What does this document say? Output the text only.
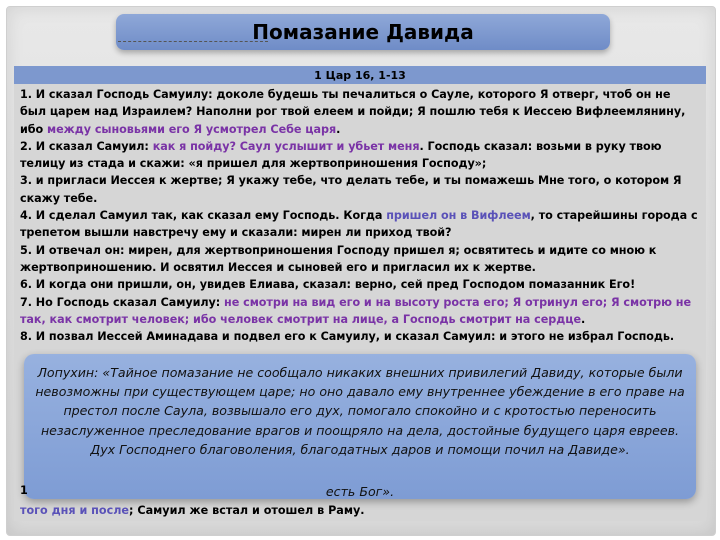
Помазание Давида
1 Цар 16, 1-13

1. И сказал Господь Самуилу: доколе будешь ты печалиться о Сауле, которого Я отверг, чтоб он не был царем над Израилем? Наполни рог твой елеем и пойди; Я пошлю тебя к Иессею Вифлеемлянину, ибо между сыновьями его Я усмотрел Себе царя.

2. И сказал Самуил: как я пойду? Саул услышит и убьет меня. Господь сказал: возьми в руку твою телицу из стада и скажи: «я пришел для жертвоприношения Господу»;

3. и пригласи Иессея к жертве; Я укажу тебе, что делать тебе, и ты помажешь Мне того, о котором Я скажу тебе.

4. И сделал Самуил так, как сказал ему Господь. Когда пришел он в Вифлеем, то старейшины города с трепетом вышли навстречу ему и сказали: мирен ли приход твой?

5. И отвечал он: мирен, для жертвоприношения Господу пришел я; освятитесь и идите со мною к жертвоприношению. И освятил Иессея и сыновей его и пригласил их к жертве.

6. И когда они пришли, он, увидев Елиава, сказал: верно, сей пред Господом помазанник Его!

7. Но Господь сказал Самуилу: не смотри на вид его и на высоту роста его; Я отринул его; Я смотрю не так, как смотрит человек; ибо человек смотрит на лице, а Господь смотрит на сердце.

8. И позвал Иессей Аминадава и подвел его к Самуилу, и сказал Самуил: и этого не избрал Господь.

Лопухин: «Тайное помазание не сообщало никаких внешних привилегий Давиду, которые были невозможны при существующем царе; но оно давало ему внутреннее убеждение в его праве на престол после Саула, возвышало его дух, помогало спокойно и с кротостью переносить незаслуженное преследование врагов и поощряло на дела, достойные будущего царя евреев. Дух Господнего благоволения, благодатных даров и помощи почил на Давиде».
есть Бог».
1
того дня и после; Самуил же встал и отошел в Раму.
